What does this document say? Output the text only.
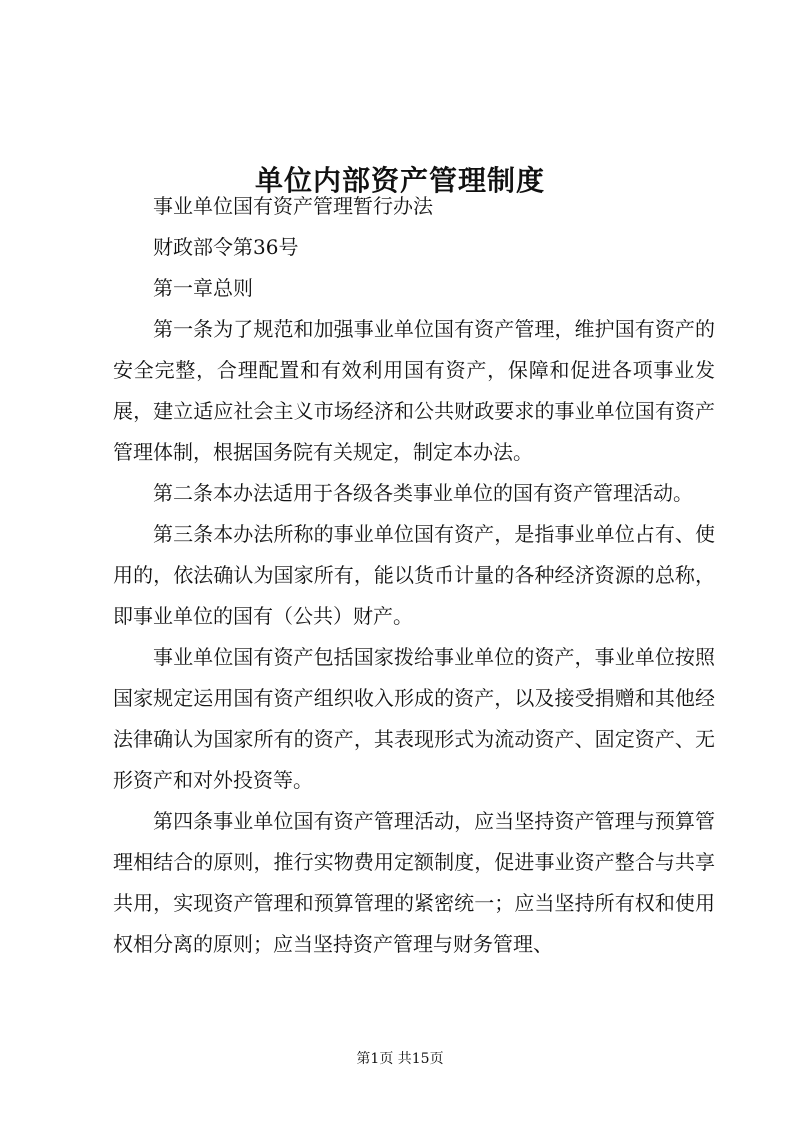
单位内部资产管理制度

事业单位国有资产管理暂行办法

财政部令第36号

第一章总则

第一条为了规范和加强事业单位国有资产管理，维护国有资产的安全完整，合理配置和有效利用国有资产，保障和促进各项事业发展，建立适应社会主义市场经济和公共财政要求的事业单位国有资产管理体制，根据国务院有关规定，制定本办法。

第二条本办法适用于各级各类事业单位的国有资产管理活动。

第三条本办法所称的事业单位国有资产，是指事业单位占有、使用的，依法确认为国家所有，能以货币计量的各种经济资源的总称，即事业单位的国有（公共）财产。

事业单位国有资产包括国家拨给事业单位的资产，事业单位按照国家规定运用国有资产组织收入形成的资产，以及接受捐赠和其他经法律确认为国家所有的资产，其表现形式为流动资产、固定资产、无形资产和对外投资等。

第四条事业单位国有资产管理活动，应当坚持资产管理与预算管理相结合的原则，推行实物费用定额制度，促进事业资产整合与共享共用，实现资产管理和预算管理的紧密统一；应当坚持所有权和使用权相分离的原则；应当坚持资产管理与财务管理、

第1页 共15页
